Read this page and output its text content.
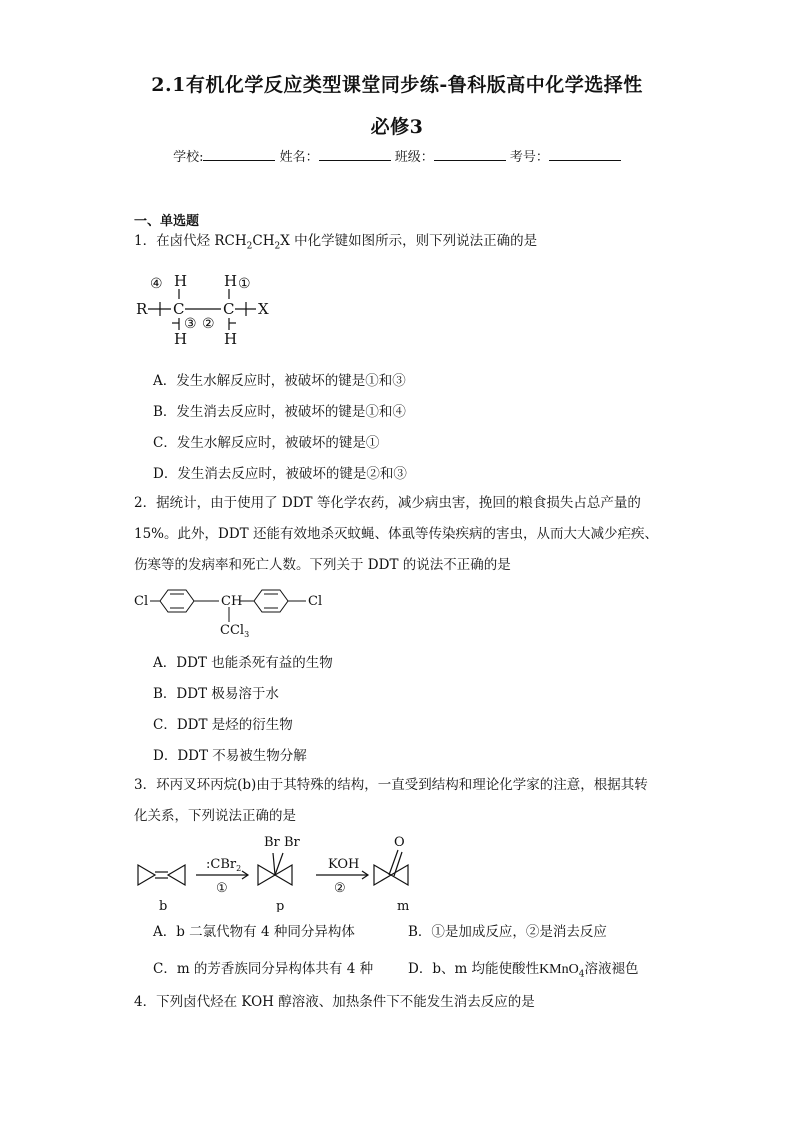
2.1有机化学反应类型课堂同步练-鲁科版高中化学选择性
必修3
学校:	姓名：	班级：	考号：
一、单选题
1．在卤代烃 $RCH_2CH_2X$ 中化学键如图所示，则下列说法正确的是
R
H H
C	C X
H H
④	①
③ ②
A．发生水解反应时，被破坏的键是①和③
B．发生消去反应时，被破坏的键是①和④
C．发生水解反应时，被破坏的键是①
D．发生消去反应时，被破坏的键是②和③
2．据统计，由于使用了 DDT 等化学农药，减少病虫害，挽回的粮食损失占总产量的
15%。此外，DDT 还能有效地杀灭蚊蝇、体虱等传染疾病的害虫，从而大大减少疟疾、
伤寒等的发病率和死亡人数。下列关于 DDT 的说法不正确的是
Cl	CH	Cl
CCl$_3$
A．DDT 也能杀死有益的生物
B．DDT 极易溶于水
C．DDT 是烃的衍生物
D．DDT 不易被生物分解
3．环丙叉环丙烷(b)由于其特殊的结构，一直受到结构和理论化学家的注意，根据其转
化关系，下列说法正确的是
:CBr$_2$
①
KOH
②
Br Br	O
b	p	m
A．b 二氯代物有 4 种同分异构体	B．①是加成反应，②是消去反应
C．m 的芳香族同分异构体共有 4 种	D．b、m 均能使酸性KMnO$_4$溶液褪色
4．下列卤代烃在 KOH 醇溶液、加热条件下不能发生消去反应的是
